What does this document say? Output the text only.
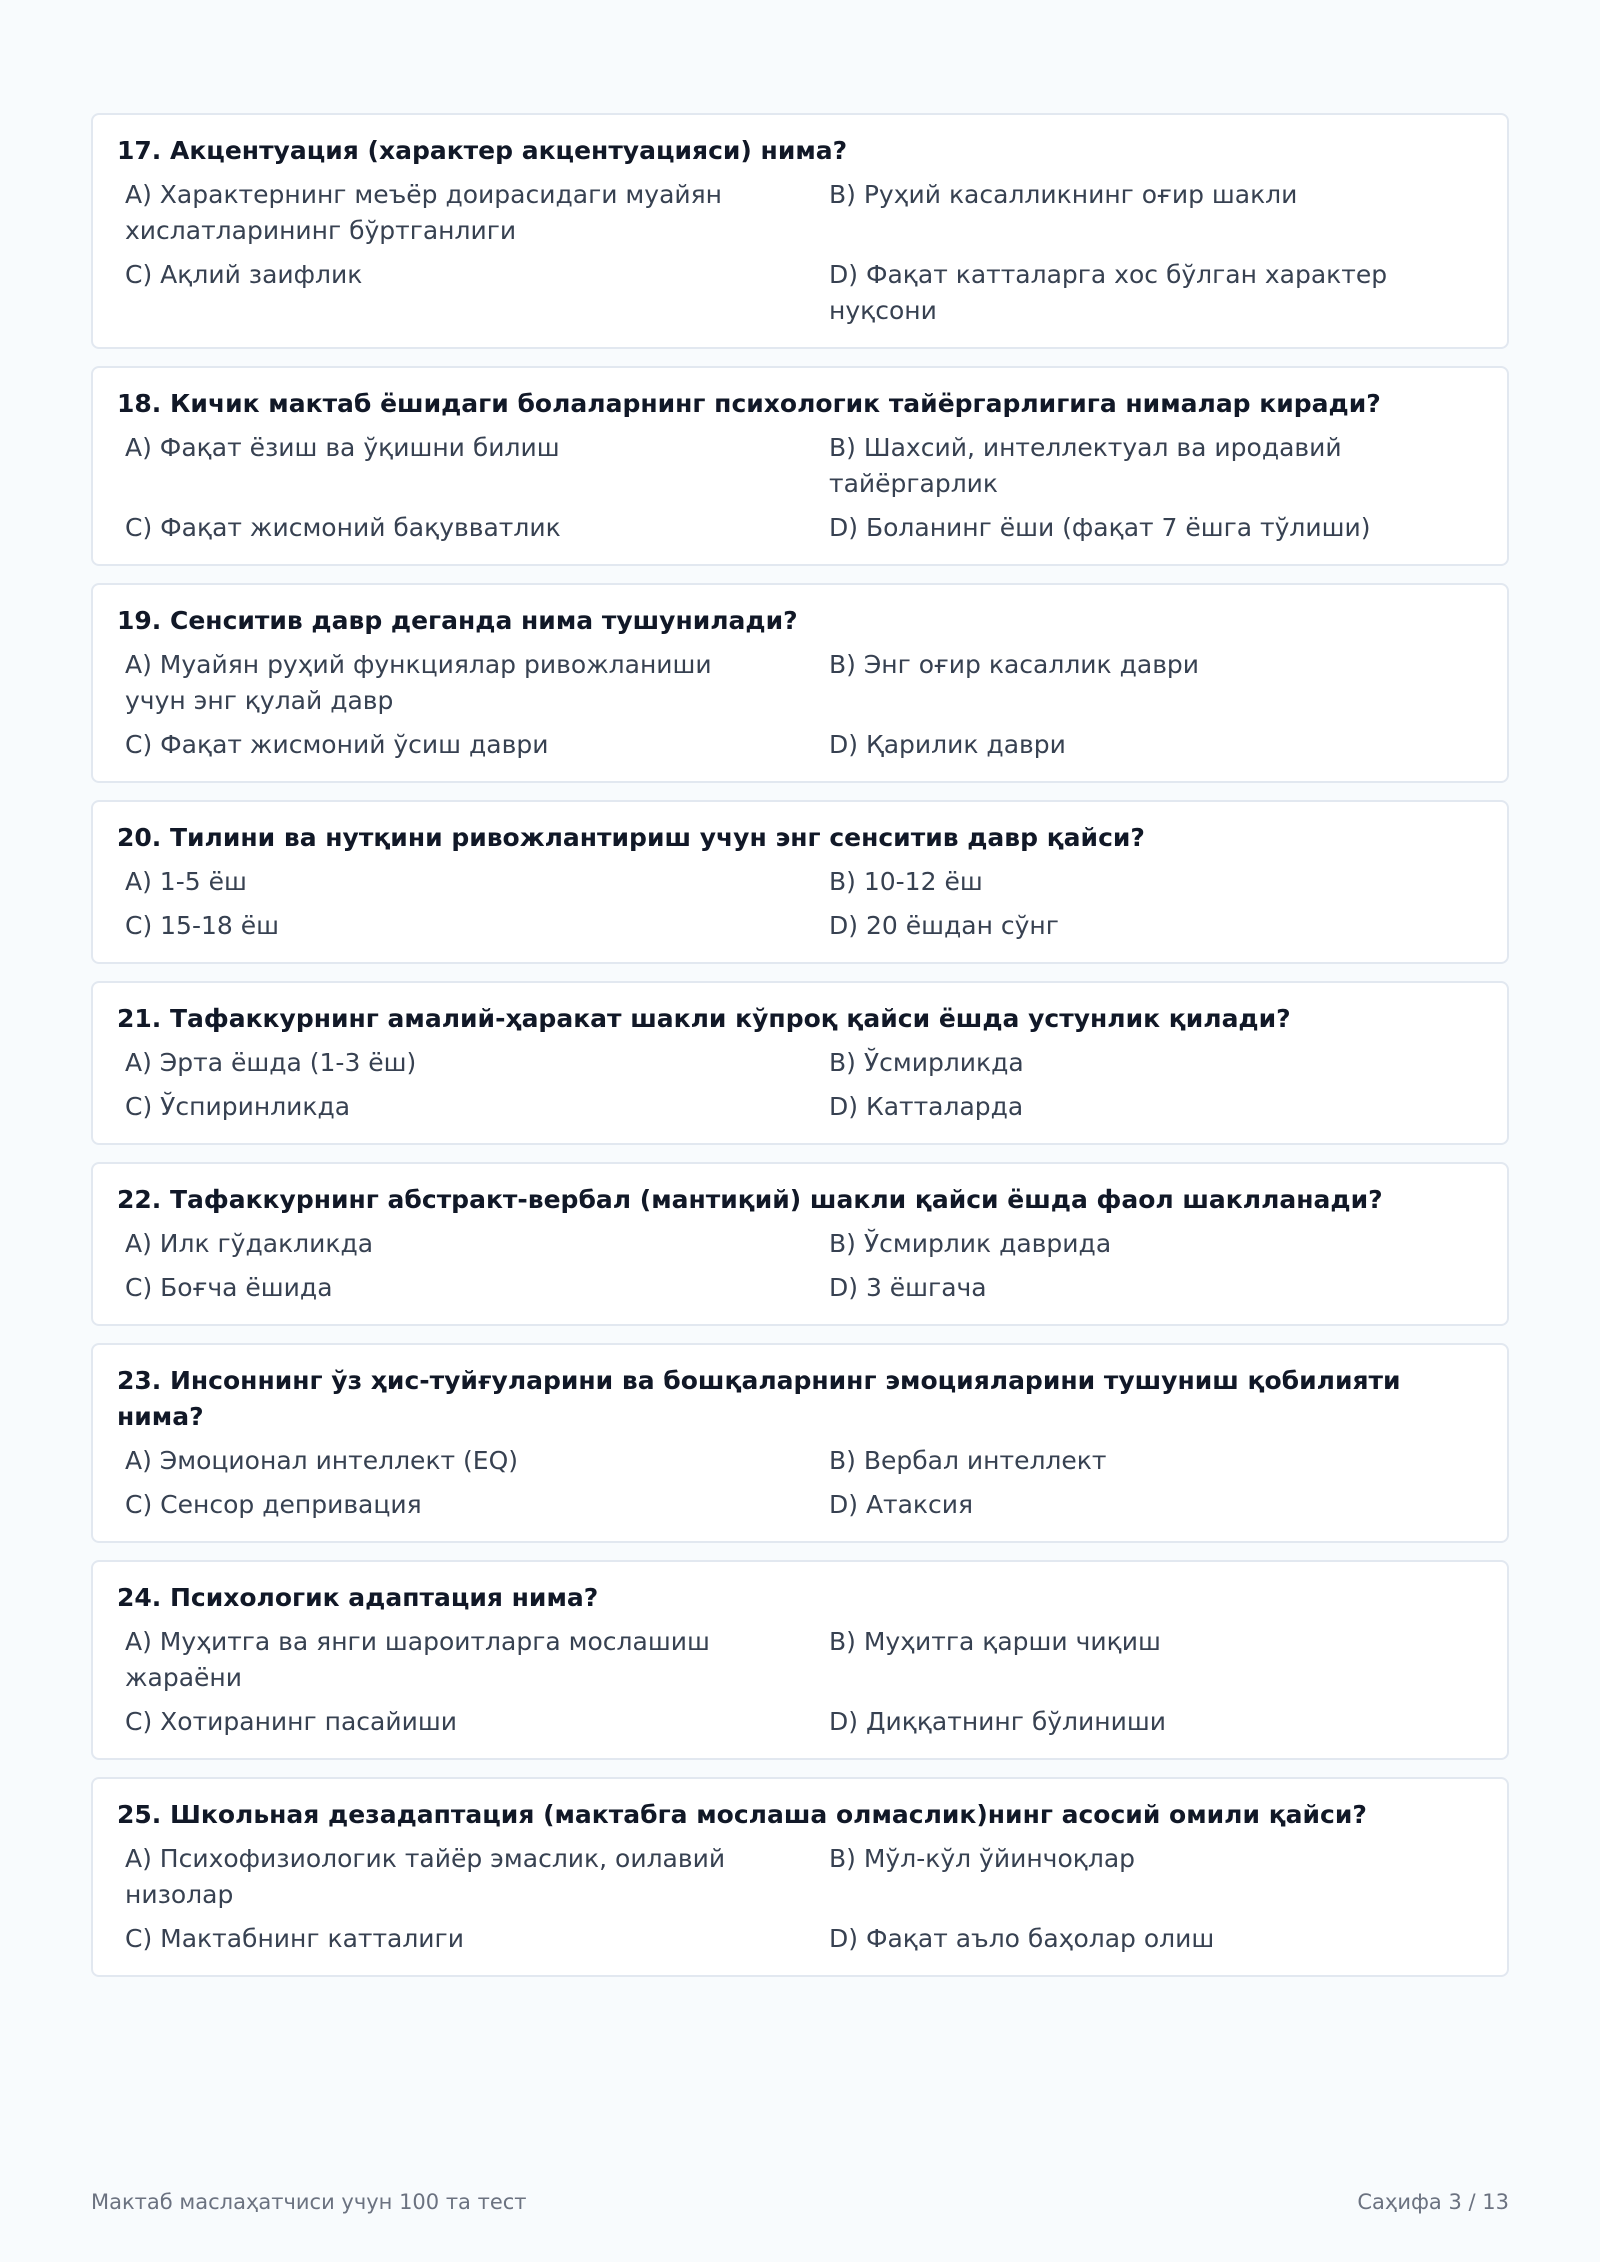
17. Акцентуация (характер акцентуацияси) нима?
A) Характернинг меъёр доирасидаги муайян хислатларининг бўртганлиги
B) Руҳий касалликнинг оғир шакли
C) Ақлий заифлик	D) Фақат катталарга хос бўлган характер нуқсони
18. Кичик мактаб ёшидаги болаларнинг психологик тайёргарлигига нималар киради?
A) Фақат ёзиш ва ўқишни билиш	B) Шахсий, интеллектуал ва иродавий тайёргарлик
C) Фақат жисмоний бақувватлик	D) Боланинг ёши (фақат 7 ёшга тўлиши)
19. Сенситив давр деганда нима тушунилади?
A) Муайян руҳий функциялар ривожланиши учун энг қулай давр
B) Энг оғир касаллик даври
C) Фақат жисмоний ўсиш даври	D) Қарилик даври
20. Тилини ва нутқини ривожлантириш учун энг сенситив давр қайси?
A) 1-5 ёш	B) 10-12 ёш
C) 15-18 ёш	D) 20 ёшдан сўнг
21. Тафаккурнинг амалий-ҳаракат шакли кўпроқ қайси ёшда устунлик қилади?
A) Эрта ёшда (1-3 ёш)	B) Ўсмирликда
C) Ўспиринликда	D) Катталарда
22. Тафаккурнинг абстракт-вербал (мантиқий) шакли қайси ёшда фаол шаклланади?
A) Илк гўдакликда	B) Ўсмирлик даврида
C) Боғча ёшида	D) 3 ёшгача
23. Инсоннинг ўз ҳис-туйғуларини ва бошқаларнинг эмоцияларини тушуниш қобилияти нима?
A) Эмоционал интеллект (EQ)	B) Вербал интеллект
C) Сенсор депривация	D) Атаксия
24. Психологик адаптация нима?
A) Муҳитга ва янги шароитларга мослашиш жараёни
B) Муҳитга қарши чиқиш
C) Хотиранинг пасайиши	D) Диққатнинг бўлиниши
25. Школьная дезадаптация (мактабга мослаша олмаслик)нинг асосий омили қайси?
A) Психофизиологик тайёр эмаслик, оилавий низолар
B) Мўл-кўл ўйинчоқлар
C) Мактабнинг катталиги	D) Фақат аъло баҳолар олиш
Мактаб маслаҳатчиси учун 100 та тест	Саҳифа 3 / 13
